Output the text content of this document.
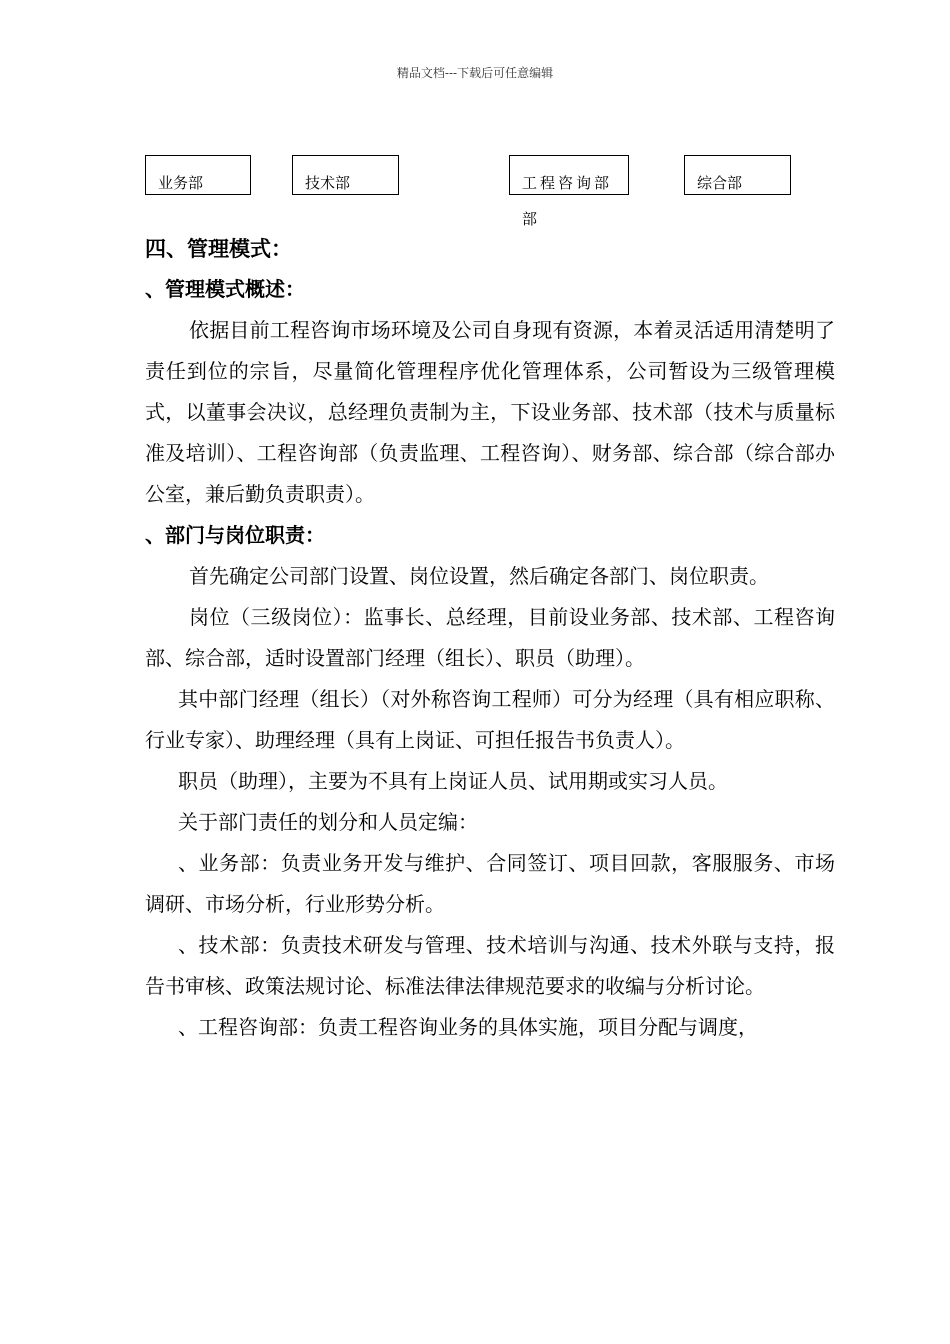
精品文档---下载后可任意编辑
业务部	技术部	工程咨询部	综合部
部

四、管理模式：

、管理模式概述：

依据目前工程咨询市场环境及公司自身现有资源，本着灵活适用清楚明了责任到位的宗旨，尽量简化管理程序优化管理体系，公司暂设为三级管理模式，以董事会决议，总经理负责制为主，下设业务部、技术部（技术与质量标准及培训）、工程咨询部（负责监理、工程咨询）、财务部、综合部（综合部办公室，兼后勤负责职责）。

、部门与岗位职责：

首先确定公司部门设置、岗位设置，然后确定各部门、岗位职责。

岗位（三级岗位）：监事长、总经理，目前设业务部、技术部、工程咨询部、综合部，适时设置部门经理（组长）、职员（助理）。

其中部门经理（组长）（对外称咨询工程师）可分为经理（具有相应职称、行业专家）、助理经理（具有上岗证、可担任报告书负责人）。

职员（助理），主要为不具有上岗证人员、试用期或实习人员。

关于部门责任的划分和人员定编：

、业务部：负责业务开发与维护、合同签订、项目回款，客服服务、市场调研、市场分析，行业形势分析。

、技术部：负责技术研发与管理、技术培训与沟通、技术外联与支持，报告书审核、政策法规讨论、标准法律法律规范要求的收编与分析讨论。

、工程咨询部：负责工程咨询业务的具体实施，项目分配与调度，
